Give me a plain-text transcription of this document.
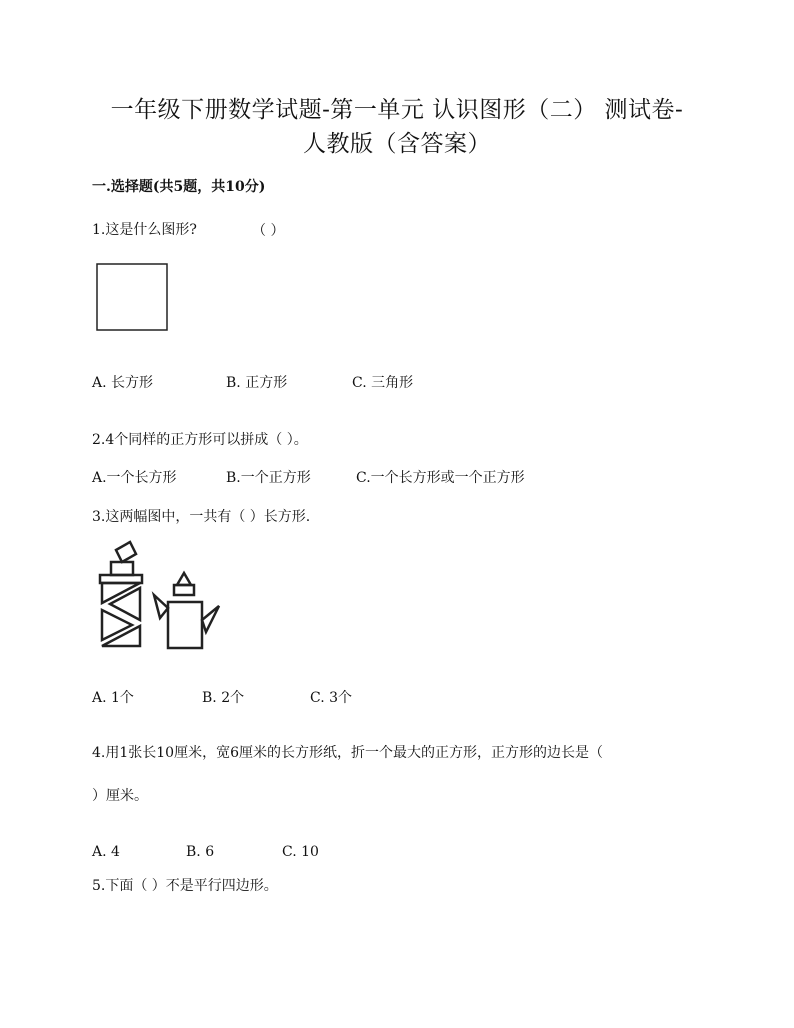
一年级下册数学试题-第一单元 认识图形（二） 测试卷-
人教版（含答案）
一.选择题(共5题，共10分)
1.这是什么图形?	（ ）
A. 长方形	B. 正方形	C. 三角形
2.4个同样的正方形可以拼成（ ）。
A.一个长方形	B.一个正方形	C.一个长方形或一个正方形
3.这两幅图中，一共有（ ）长方形.
A. 1个	B. 2个	C. 3个
4.用1张长10厘米，宽6厘米的长方形纸，折一个最大的正方形，正方形的边长是（
）厘米。
A. 4	B. 6	C. 10
5.下面（ ）不是平行四边形。
